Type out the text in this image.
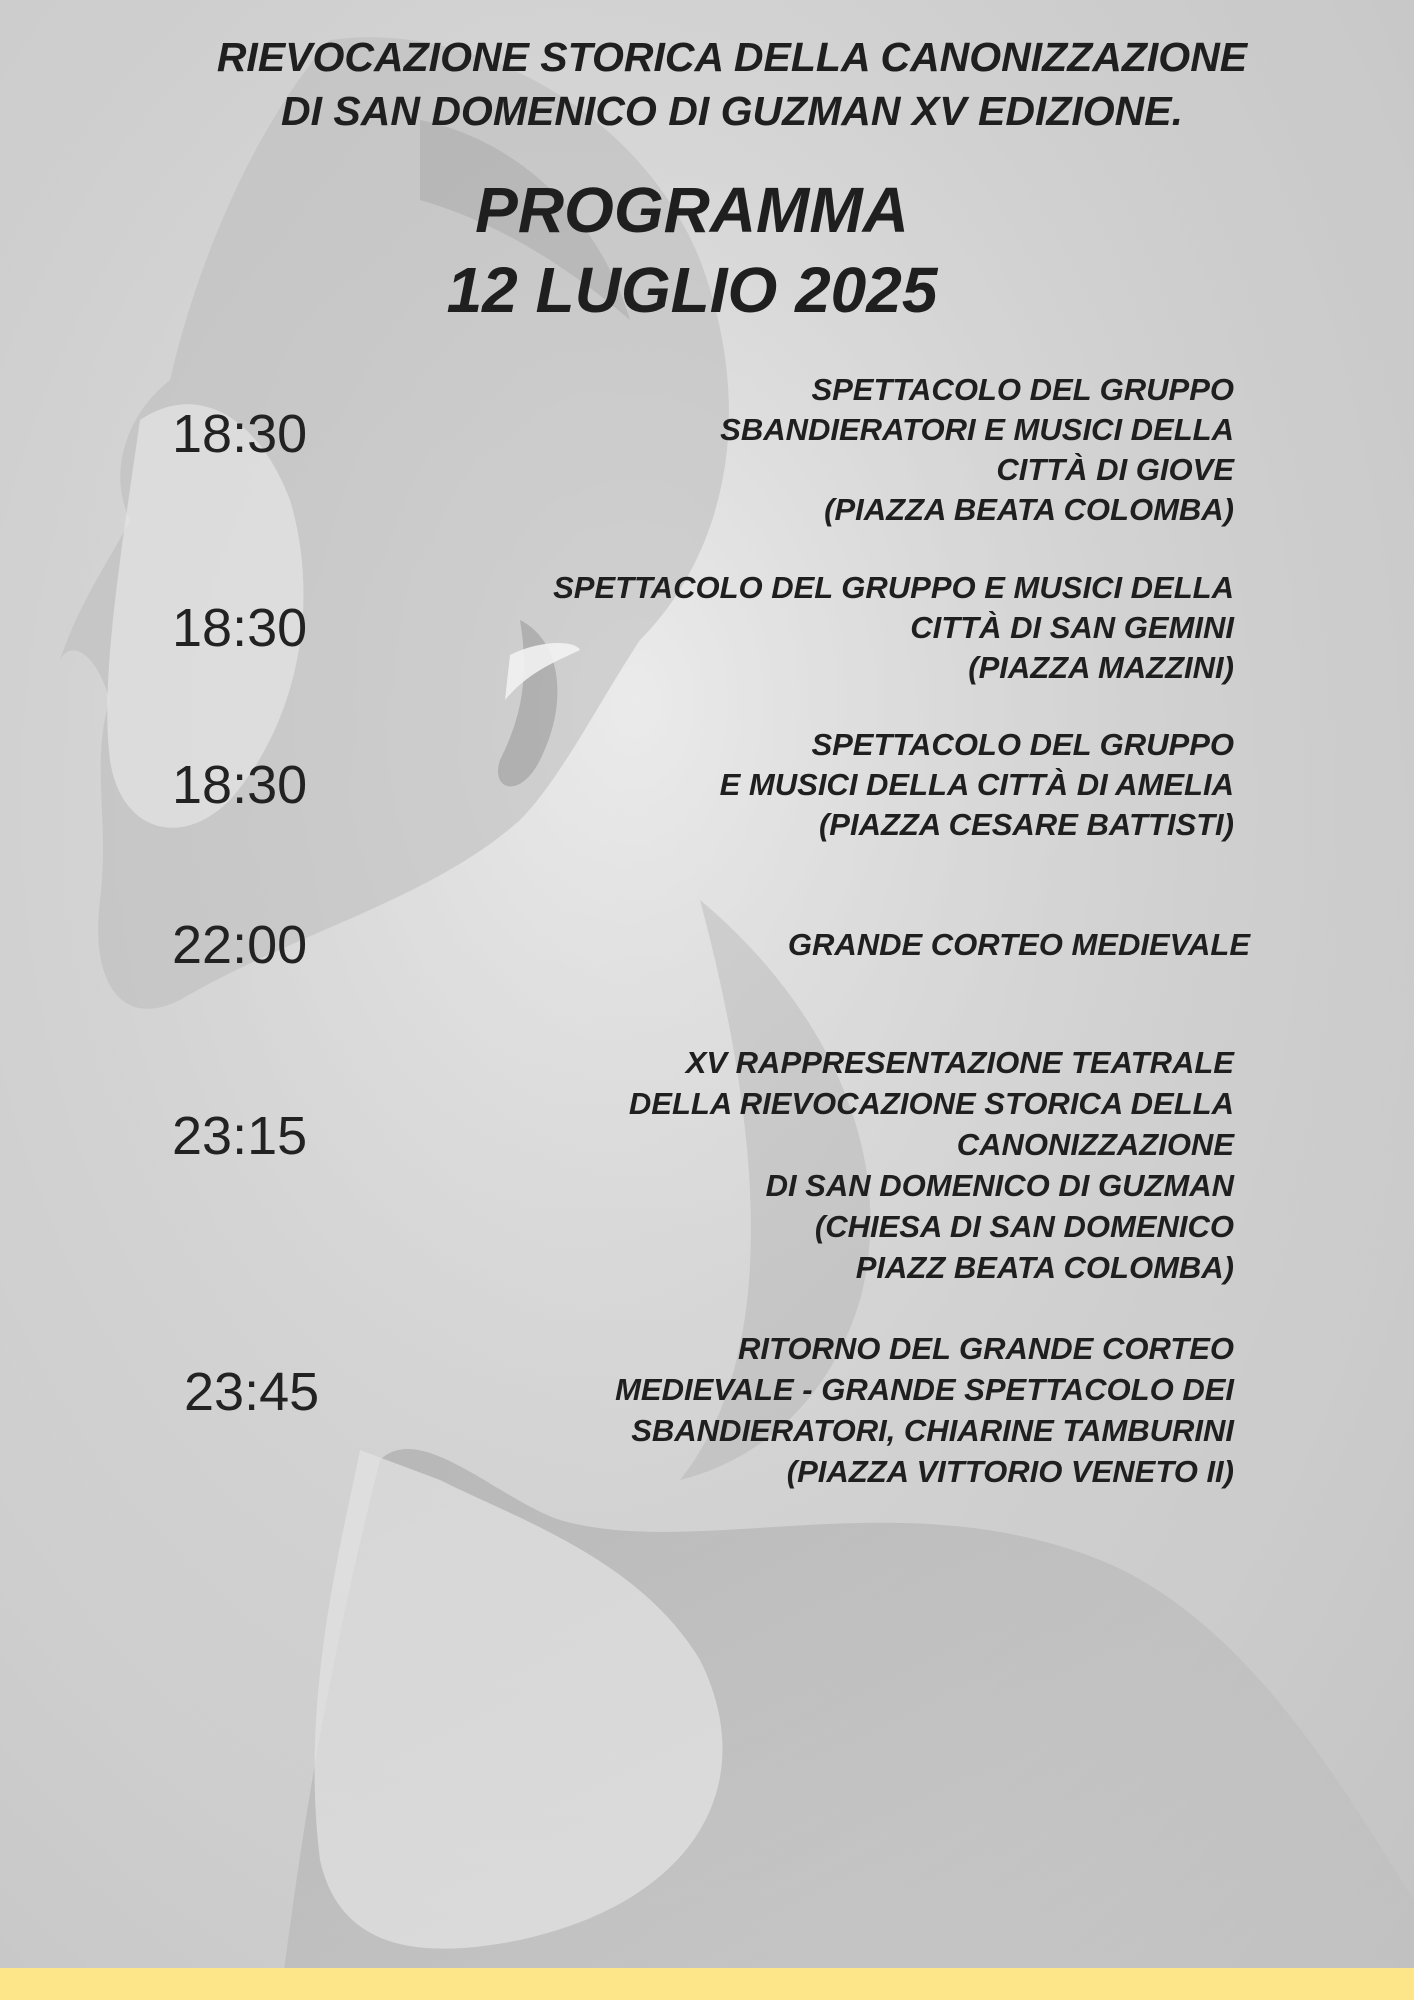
RIEVOCAZIONE STORICA DELLA CANONIZZAZIONE
DI SAN DOMENICO DI GUZMAN XV EDIZIONE.
PROGRAMMA
12 LUGLIO 2025
18:30
SPETTACOLO DEL GRUPPO
SBANDIERATORI E MUSICI DELLA
CITTÀ DI GIOVE
(PIAZZA BEATA COLOMBA)
18:30
SPETTACOLO DEL GRUPPO E MUSICI DELLA
CITTÀ DI SAN GEMINI
(PIAZZA MAZZINI)
18:30
SPETTACOLO DEL GRUPPO
E MUSICI DELLA CITTÀ DI AMELIA
(PIAZZA CESARE BATTISTI)
22:00	GRANDE CORTEO MEDIEVALE
23:15
XV RAPPRESENTAZIONE TEATRALE
DELLA RIEVOCAZIONE STORICA DELLA
CANONIZZAZIONE
DI SAN DOMENICO DI GUZMAN
(CHIESA DI SAN DOMENICO
PIAZZ BEATA COLOMBA)
23:45
RITORNO DEL GRANDE CORTEO
MEDIEVALE - GRANDE SPETTACOLO DEI
SBANDIERATORI, CHIARINE TAMBURINI
(PIAZZA VITTORIO VENETO II)
